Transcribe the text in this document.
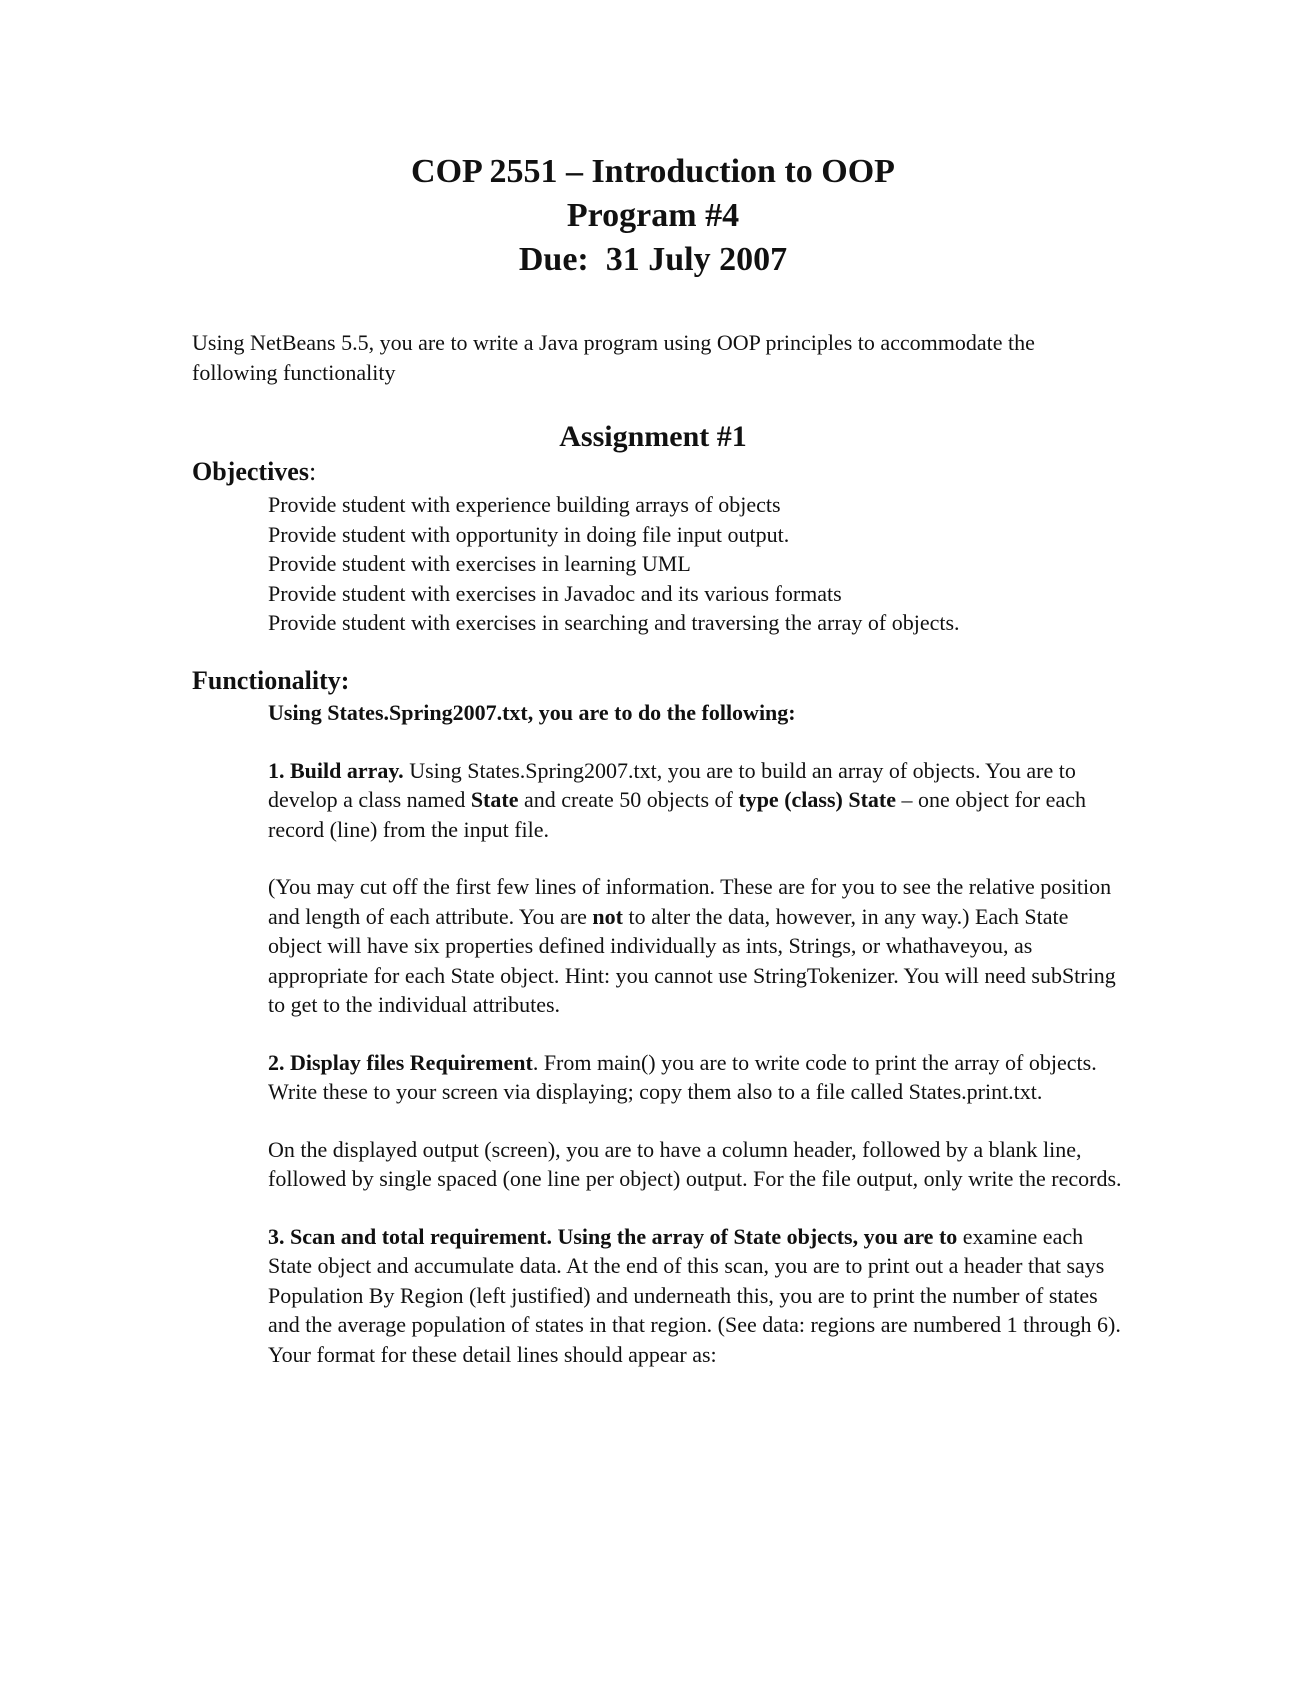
COP 2551 – Introduction to OOP
Program #4
Due:  31 July 2007
Using NetBeans 5.5, you are to write a Java program using OOP principles to accommodate the following functionality
Assignment #1
Objectives:
Provide student with experience building arrays of objects
Provide student with opportunity in doing file input output.
Provide student with exercises in learning UML
Provide student with exercises in Javadoc and its various formats
Provide student with exercises in searching and traversing the array of objects.
Functionality:

Using States.Spring2007.txt, you are to do the following:

1. Build array. Using States.Spring2007.txt, you are to build an array of objects. You are to develop a class named State and create 50 objects of type (class) State – one object for each record (line) from the input file.

(You may cut off the first few lines of information. These are for you to see the relative position and length of each attribute. You are not to alter the data, however, in any way.) Each State object will have six properties defined individually as ints, Strings, or whathaveyou, as appropriate for each State object. Hint: you cannot use StringTokenizer. You will need subString to get to the individual attributes.

2. Display files Requirement. From main() you are to write code to print the array of objects. Write these to your screen via displaying; copy them also to a file called States.print.txt.

On the displayed output (screen), you are to have a column header, followed by a blank line, followed by single spaced (one line per object) output. For the file output, only write the records.

3. Scan and total requirement. Using the array of State objects, you are to examine each State object and accumulate data. At the end of this scan, you are to print out a header that says Population By Region (left justified) and underneath this, you are to print the number of states and the average population of states in that region. (See data: regions are numbered 1 through 6). Your format for these detail lines should appear as:
